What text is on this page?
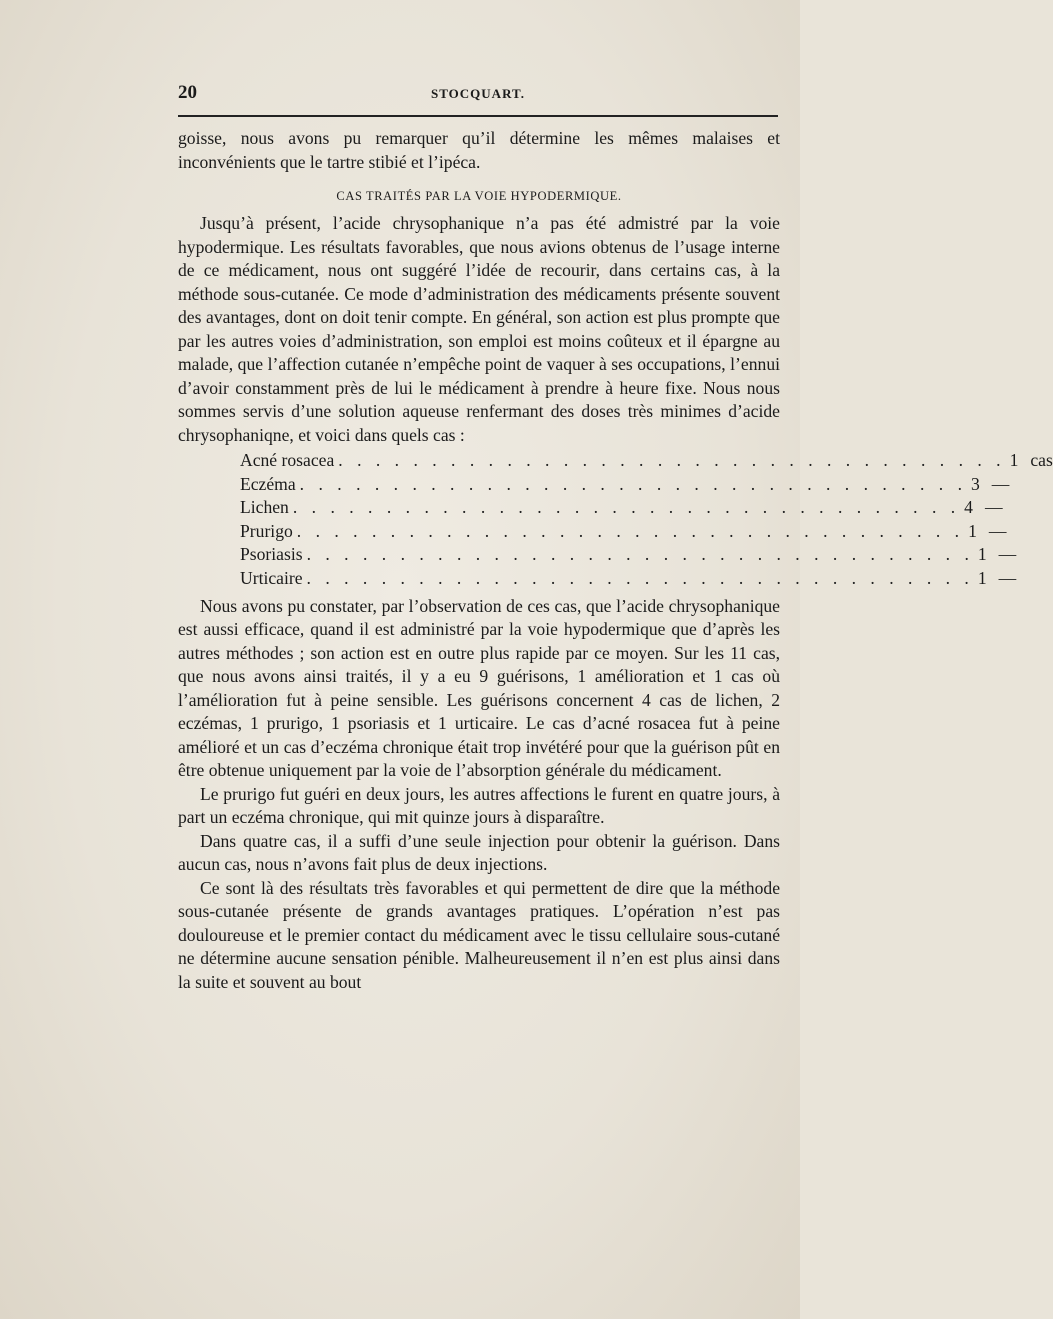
20	STOCQUART.

goisse, nous avons pu remarquer qu’il détermine les mêmes malaises et inconvénients que le tartre stibié et l’ipéca.

CAS TRAITÉS PAR LA VOIE HYPODERMIQUE.

Jusqu’à présent, l’acide chrysophanique n’a pas été admistré par la voie hypodermique. Les résultats favorables, que nous avions obtenus de l’usage interne de ce médicament, nous ont suggéré l’idée de recourir, dans certains cas, à la méthode sous-cutanée. Ce mode d’administration des médicaments présente souvent des avantages, dont on doit tenir compte. En général, son action est plus prompte que par les autres voies d’administration, son emploi est moins coûteux et il épargne au malade, que l’affection cutanée n’empêche point de vaquer à ses occupations, l’ennui d’avoir constamment près de lui le médicament à prendre à heure fixe. Nous nous sommes servis d’une solution aqueuse renfermant des doses très minimes d’acide chrysophaniqne, et voici dans quels cas :

Acné rosacea . . . . . . . . . . . . . . . . . . . . . . . . . . . . . . . . . . . . 1 cas
Eczéma . . . . . . . . . . . . . . . . . . . . . . . . . . . . . . . . . . . . 3 —
Lichen . . . . . . . . . . . . . . . . . . . . . . . . . . . . . . . . . . . . 4 —
Prurigo . . . . . . . . . . . . . . . . . . . . . . . . . . . . . . . . . . . . 1 —
Psoriasis . . . . . . . . . . . . . . . . . . . . . . . . . . . . . . . . . . . . 1 —
Urticaire . . . . . . . . . . . . . . . . . . . . . . . . . . . . . . . . . . . . 1 —

Nous avons pu constater, par l’observation de ces cas, que l’acide chrysophanique est aussi efficace, quand il est administré par la voie hypodermique que d’après les autres méthodes ; son action est en outre plus rapide par ce moyen. Sur les 11 cas, que nous avons ainsi traités, il y a eu 9 guérisons, 1 amélioration et 1 cas où l’amélioration fut à peine sensible. Les guérisons concernent 4 cas de lichen, 2 eczémas, 1 prurigo, 1 psoriasis et 1 urticaire. Le cas d’acné rosacea fut à peine amélioré et un cas d’eczéma chronique était trop invétéré pour que la guérison pût en être obtenue uniquement par la voie de l’absorption générale du médicament.

Le prurigo fut guéri en deux jours, les autres affections le furent en quatre jours, à part un eczéma chronique, qui mit quinze jours à disparaître.

Dans quatre cas, il a suffi d’une seule injection pour obtenir la guérison. Dans aucun cas, nous n’avons fait plus de deux injections.

Ce sont là des résultats très favorables et qui permettent de dire que la méthode sous-cutanée présente de grands avantages pratiques. L’opération n’est pas douloureuse et le premier contact du médicament avec le tissu cellulaire sous-cutané ne détermine aucune sensation pénible. Malheureusement il n’en est plus ainsi dans la suite et souvent au bout
